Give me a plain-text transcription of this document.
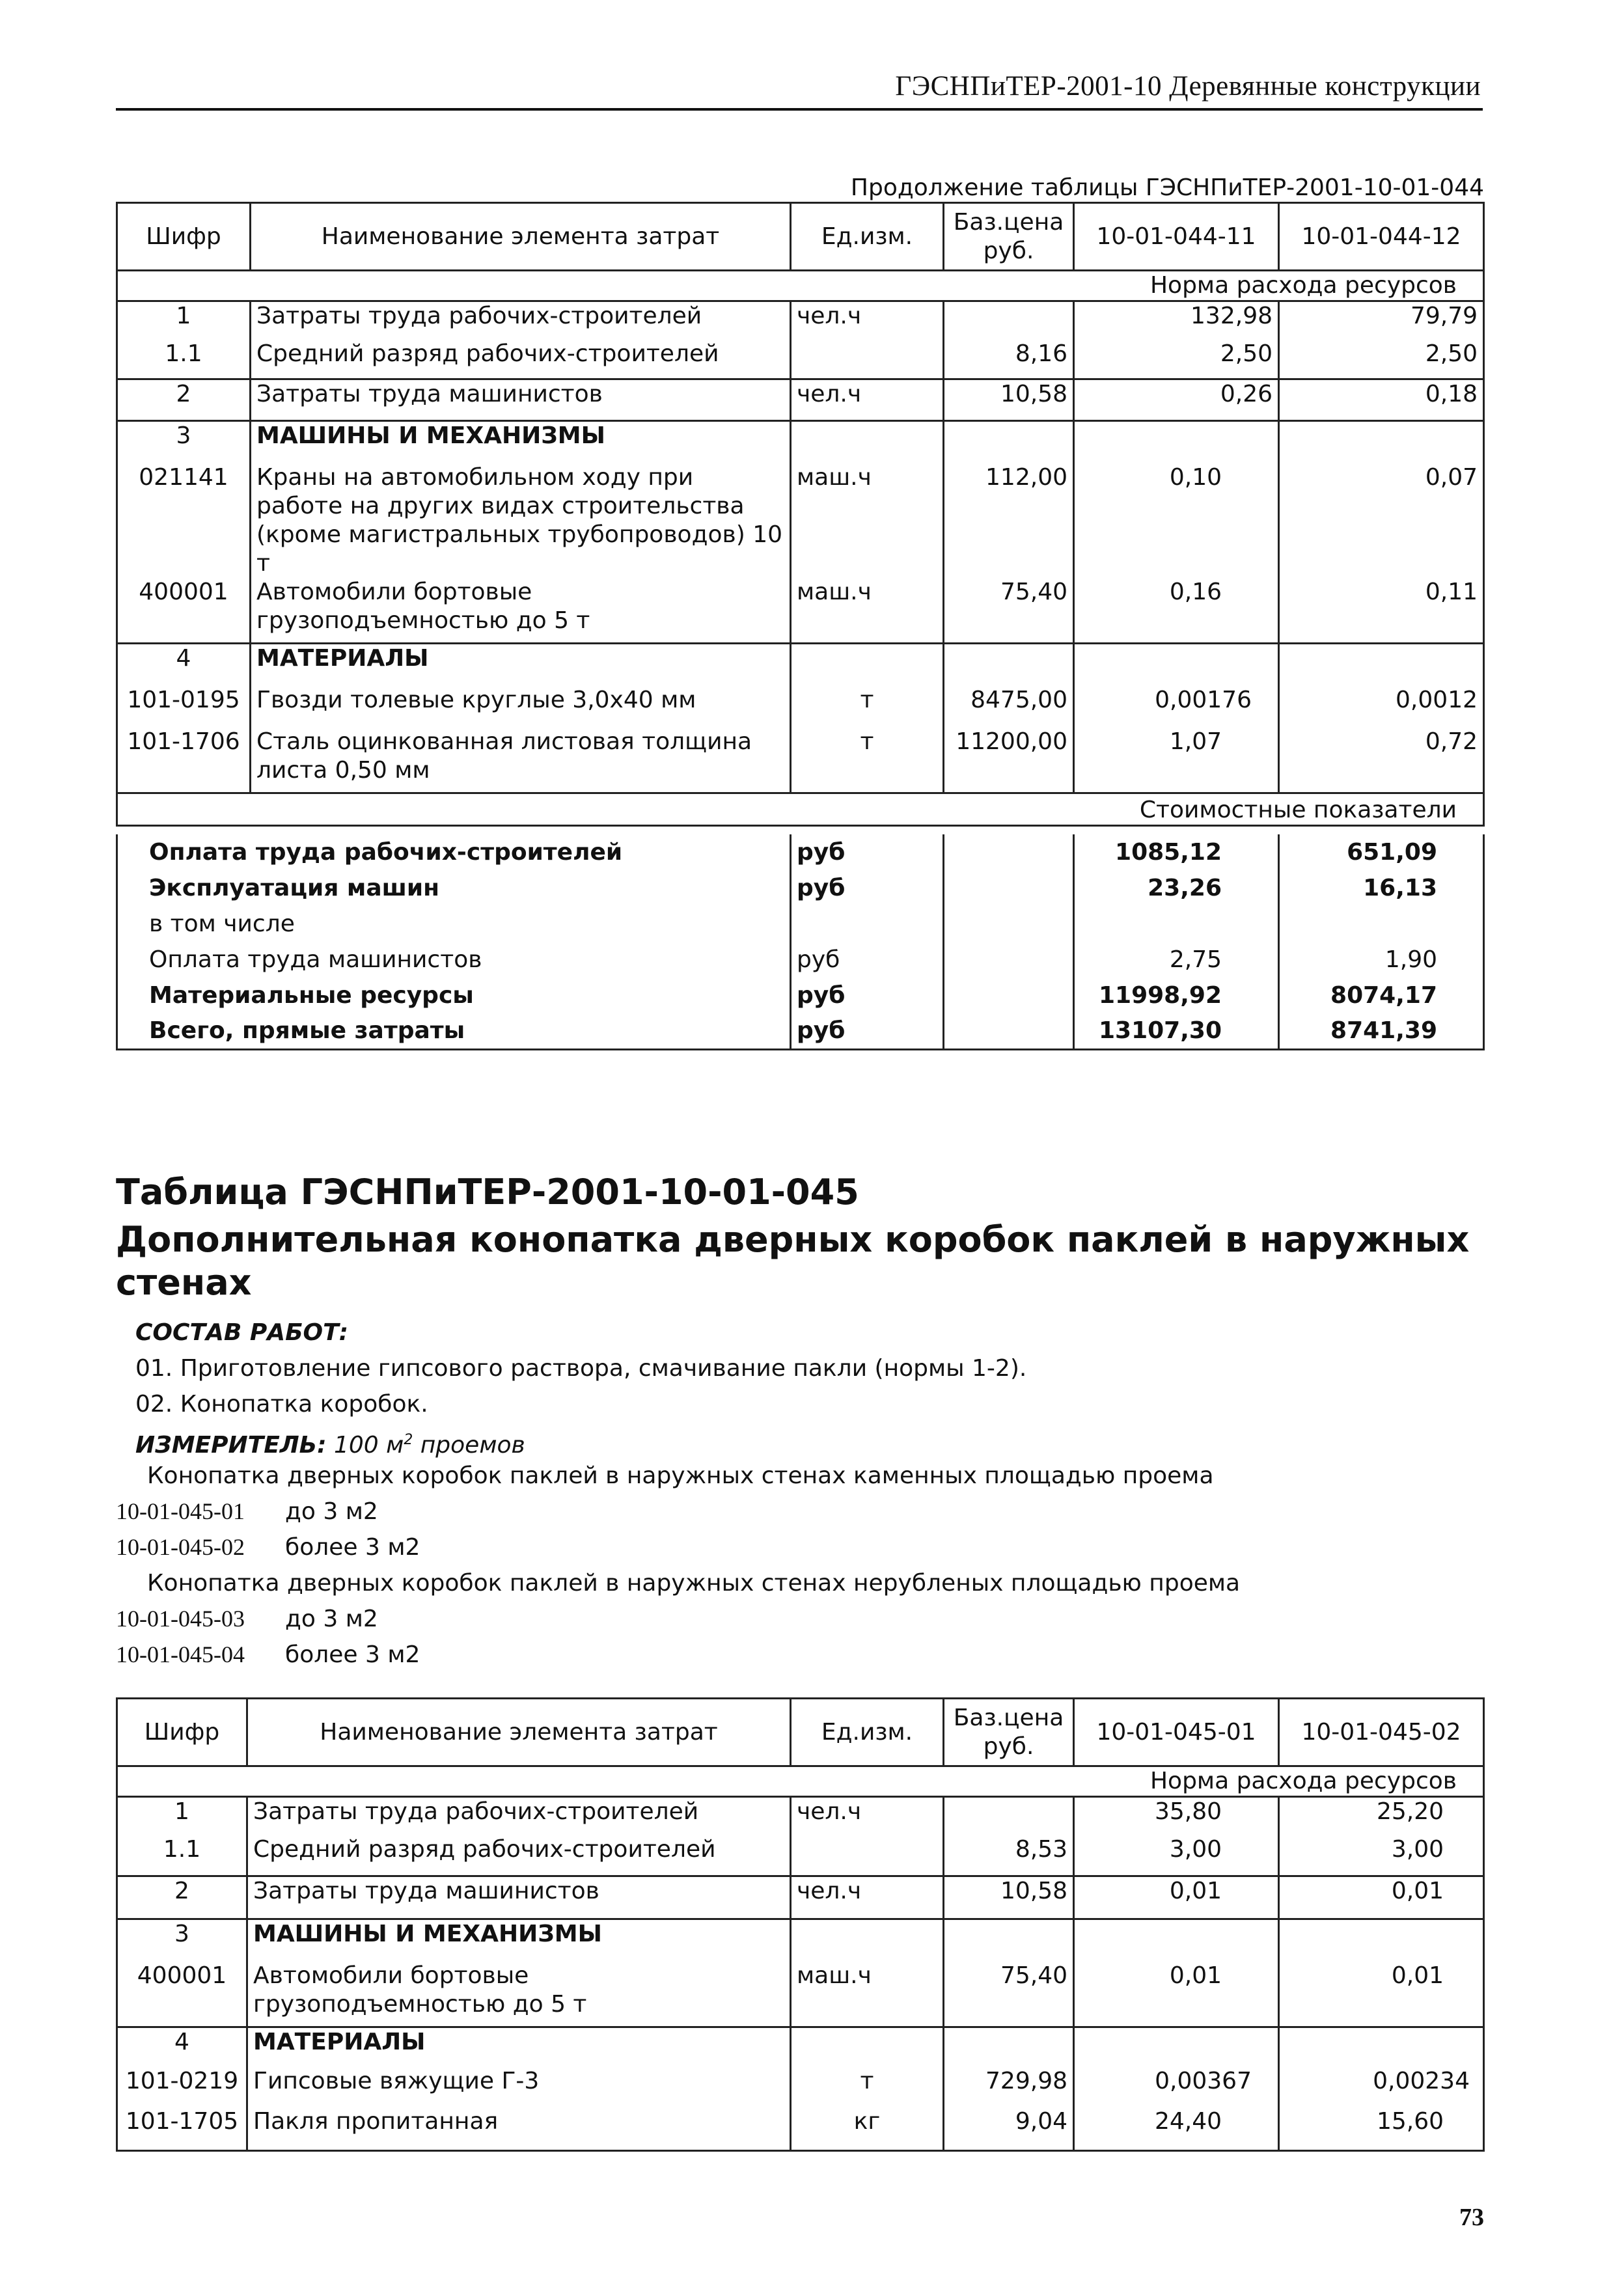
ГЭСНПиТЕР-2001-10 Деревянные конструкции
Продолжение таблицы ГЭСНПиТЕР-2001-10-01-044
Шифр	Наименование элемента затрат	Ед.изм.	Баз.цена руб.	10-01-044-11	10-01-044-12
Норма расхода ресурсов					
1	Затраты труда рабочих-строителей	чел.ч		132,98	79,79
1.1	Средний разряд рабочих-строителей		8,16	2,50	2,50
2	Затраты труда машинистов	чел.ч	10,58	0,26	0,18
3	МАШИНЫ И МЕХАНИЗМЫ				
021141	Краны на автомобильном ходу при работе на других видах строительства (кроме магистральных трубопроводов) 10 т	маш.ч	112,00	0,10	0,07
400001	Автомобили бортовые грузоподъемностью до 5 т	маш.ч	75,40	0,16	0,11
4	МАТЕРИАЛЫ				
101-0195	Гвозди толевые круглые 3,0х40 мм	т	8475,00	0,00176	0,0012
101-1706	Сталь оцинкованная листовая толщина листа 0,50 мм	т	11200,00	1,07	0,72
Стоимостные показатели					
Оплата труда рабочих-строителей	руб		1085,12	651,09
Эксплуатация машин	руб		23,26	16,13
в том числе				
Оплата труда машинистов	руб		2,75	1,90
Материальные ресурсы	руб		11998,92	8074,17
Всего, прямые затраты	руб		13107,30	8741,39
Таблица ГЭСНПиТЕР-2001-10-01-045
Дополнительная конопатка дверных коробок паклей в наружных стенах
СОСТАВ РАБОТ:
01. Приготовление гипсового раствора, смачивание пакли (нормы 1-2).
02. Конопатка коробок.
ИЗМЕРИТЕЛЬ: 100 $м^2$ проемов
Конопатка дверных коробок паклей в наружных стенах каменных площадью проема
10-01-045-01 до 3 м2
10-01-045-02 более 3 м2
Конопатка дверных коробок паклей в наружных стенах нерубленых площадью проема
10-01-045-03 до 3 м2
10-01-045-04 более 3 м2
Шифр	Наименование элемента затрат	Ед.изм.	Баз.цена руб.	10-01-045-01	10-01-045-02
Норма расхода ресурсов					
1	Затраты труда рабочих-строителей	чел.ч		35,80	25,20
1.1	Средний разряд рабочих-строителей		8,53	3,00	3,00
2	Затраты труда машинистов	чел.ч	10,58	0,01	0,01
3	МАШИНЫ И МЕХАНИЗМЫ				
400001	Автомобили бортовые грузоподъемностью до 5 т	маш.ч	75,40	0,01	0,01
4	МАТЕРИАЛЫ				
101-0219	Гипсовые вяжущие Г-3	т	729,98	0,00367	0,00234
101-1705	Пакля пропитанная	кг	9,04	24,40	15,60
73
